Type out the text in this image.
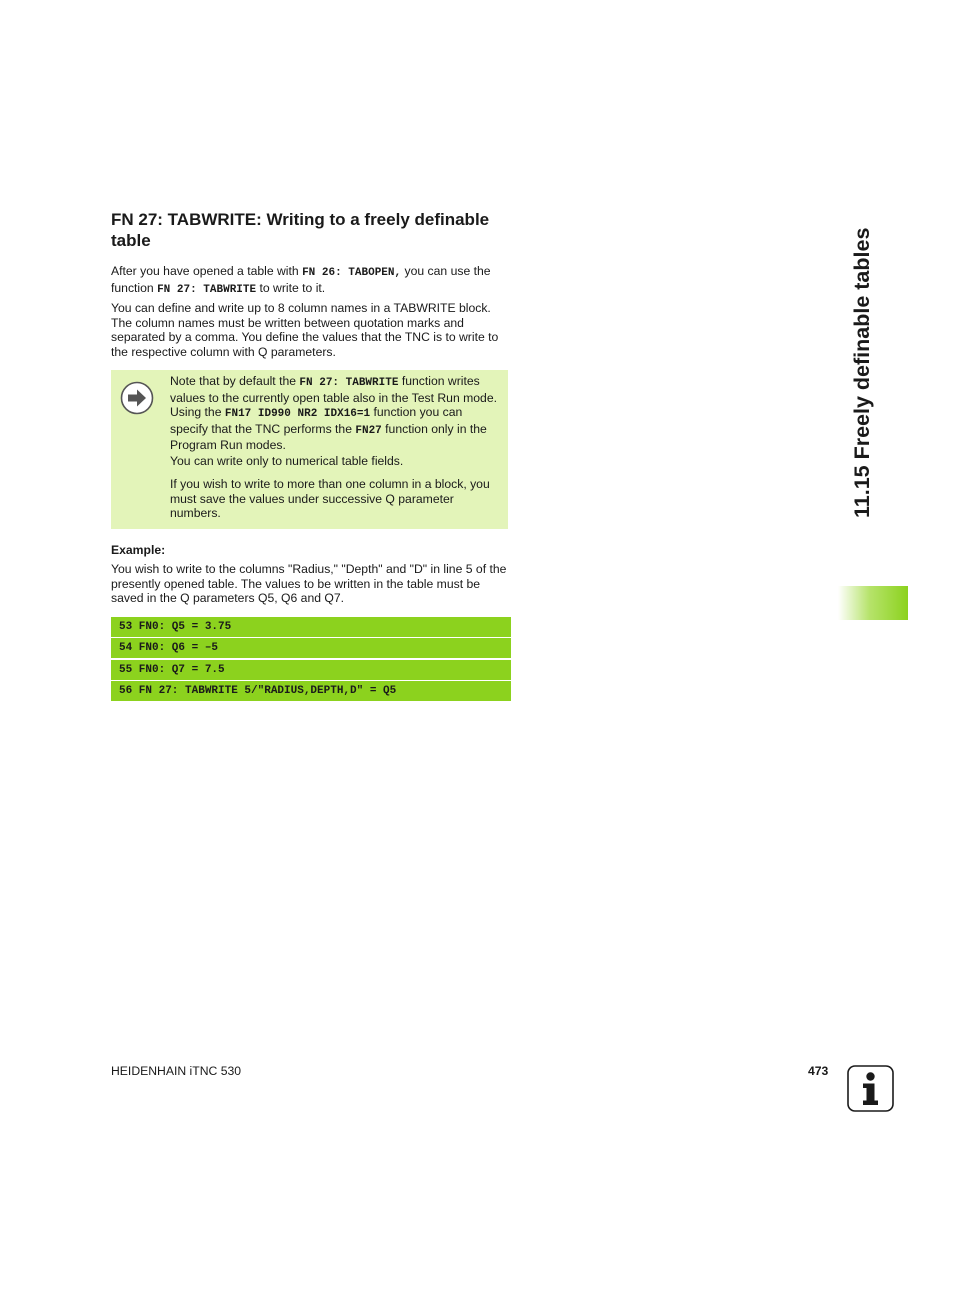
FN 27: TABWRITE: Writing to a freely definable
table

After you have opened a table with FN 26: TABOPEN, you can use the function FN 27: TABWRITE to write to it.

You can define and write up to 8 column names in a TABWRITE block. The column names must be written between quotation marks and separated by a comma. You define the values that the TNC is to write to the respective column with Q parameters.

Note that by default the FN 27: TABWRITE function writes values to the currently open table also in the Test Run mode. Using the FN17 ID990 NR2 IDX16=1 function you can specify that the TNC performs the FN27 function only in the Program Run modes.

You can write only to numerical table fields.

If you wish to write to more than one column in a block, you must save the values under successive Q parameter numbers.

Example:

You wish to write to the columns "Radius," "Depth" and "D" in line 5 of the presently opened table. The values to be written in the table must be saved in the Q parameters Q5, Q6 and Q7.

53 FN0: Q5 = 3.75
54 FN0: Q6 = –5
55 FN0: Q7 = 7.5
56 FN 27: TABWRITE 5/"RADIUS,DEPTH,D" = Q5
11.15 Freely definable tables
HEIDENHAIN iTNC 530	473
